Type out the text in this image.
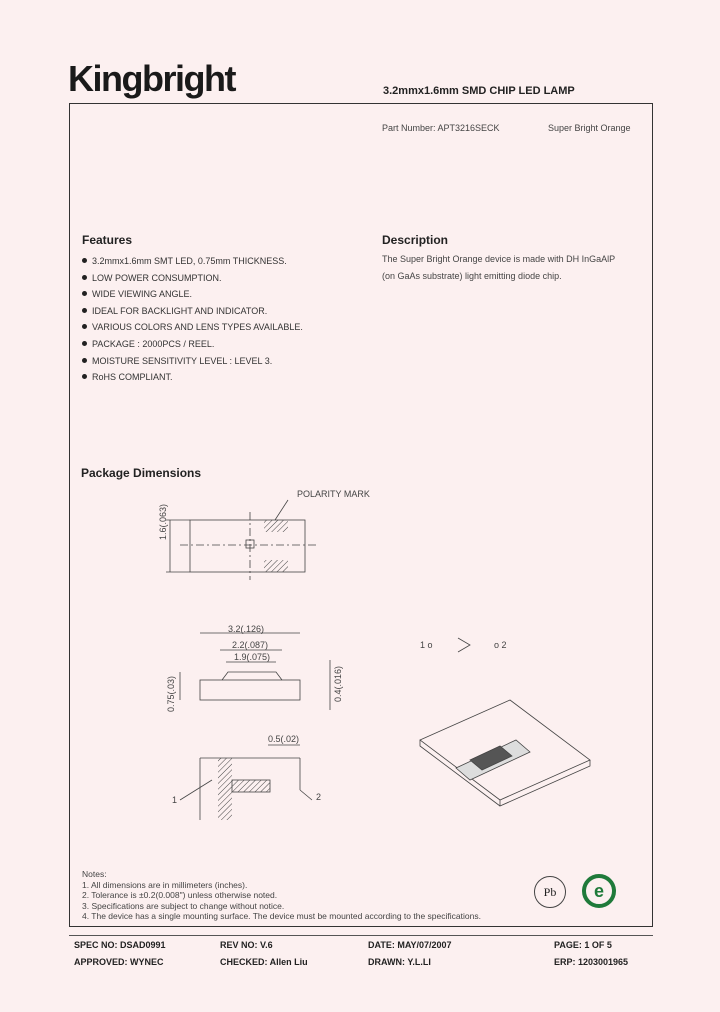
Kingbright	3.2mmx1.6mm SMD CHIP LED LAMP
Part Number: APT3216SECK	Super Bright Orange
Features
3.2mmx1.6mm SMT LED, 0.75mm THICKNESS.
LOW POWER CONSUMPTION.
WIDE VIEWING ANGLE.
IDEAL FOR BACKLIGHT AND INDICATOR.
VARIOUS COLORS AND LENS TYPES AVAILABLE.
PACKAGE : 2000PCS / REEL.
MOISTURE SENSITIVITY LEVEL : LEVEL 3.
RoHS COMPLIANT.
Description
The Super Bright Orange device is made with DH InGaAlP
(on GaAs substrate) light emitting diode chip.
Package Dimensions
POLARITY MARK
1.6(.063)
3.2(.126)
2.2(.087)
1.9(.075)
0.75(.03)	0.4(.016)
0.5(.02)
1	2
1 o	o 2
Notes:
1. All dimensions are in millimeters (inches).
2. Tolerance is ±0.2(0.008") unless otherwise noted.
3. Specifications are subject to change without notice.
4. The device has a single mounting surface. The device must be mounted according to the specifications.
Pb	e
SPEC NO: DSAD0991	REV NO: V.6	DATE: MAY/07/2007	PAGE: 1 OF 5
APPROVED: WYNEC	CHECKED: Allen Liu	DRAWN: Y.L.LI	ERP: 1203001965
